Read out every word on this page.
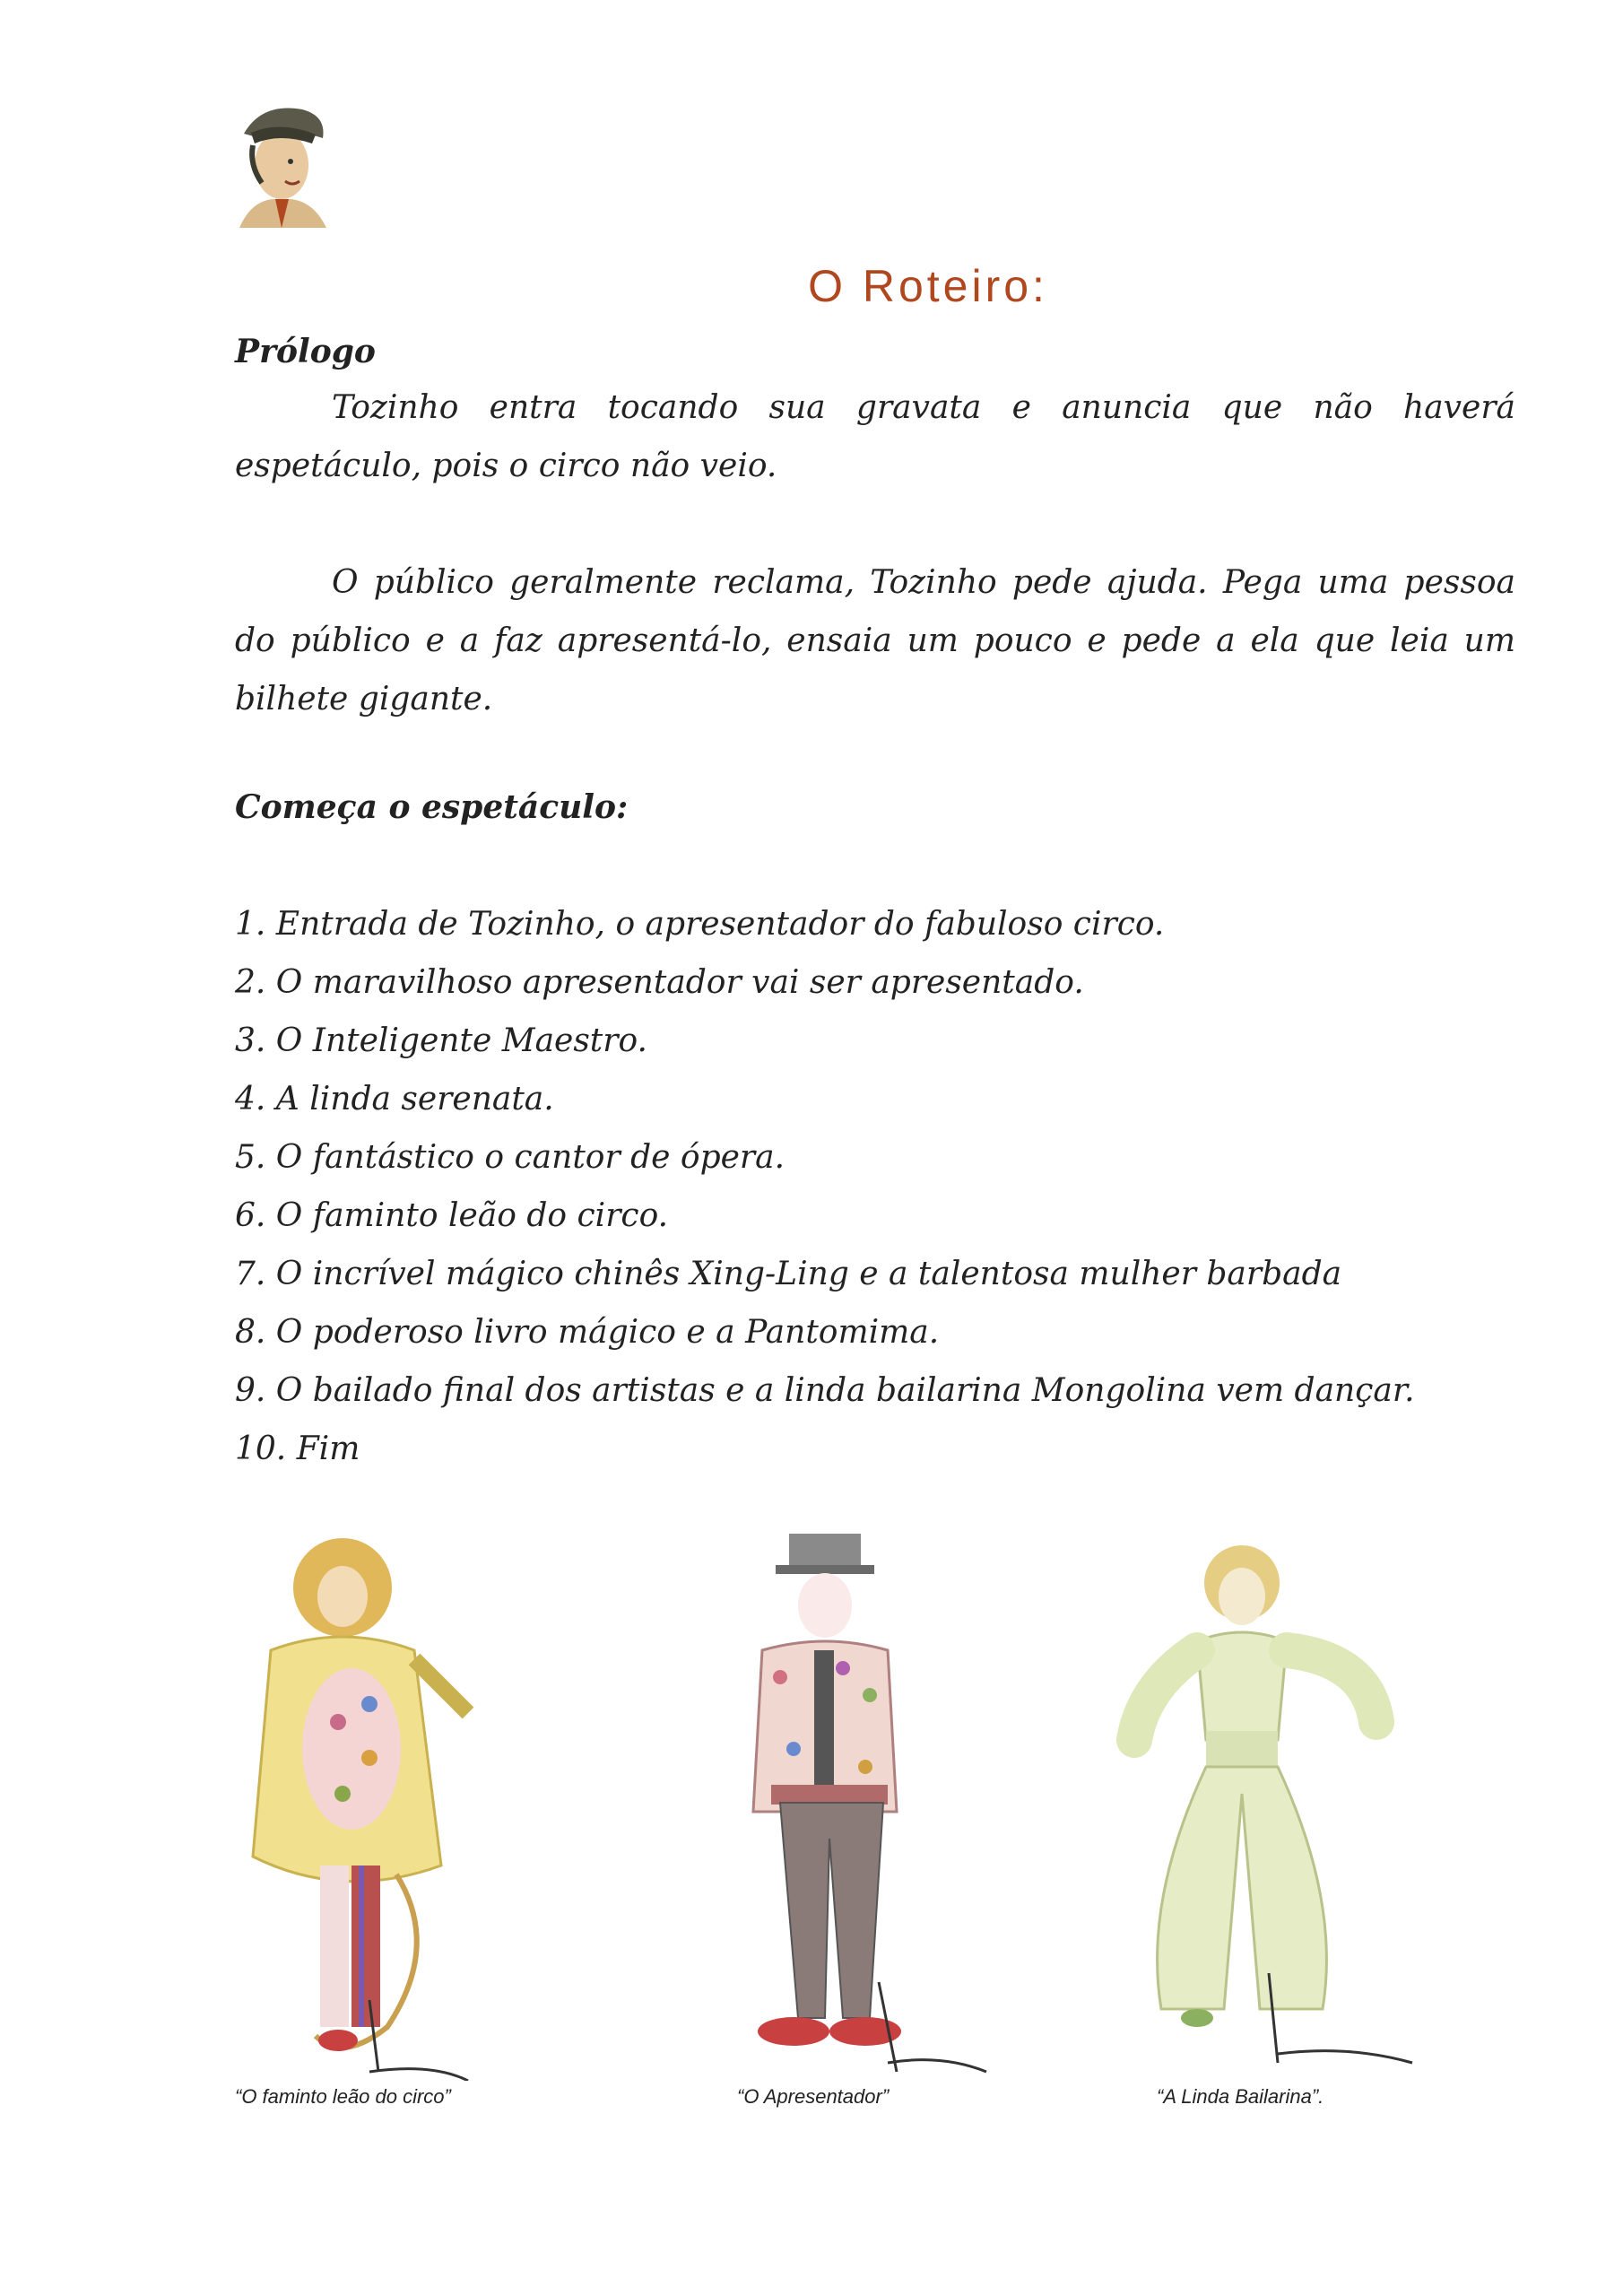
O Roteiro:
Prólogo

Tozinho entra tocando sua gravata e anuncia que não haverá espetáculo, pois o circo não veio.

O público geralmente reclama, Tozinho pede ajuda. Pega uma pessoa do público e a faz apresentá-lo, ensaia um pouco e pede a ela que leia um bilhete gigante.

Começa o espetáculo:
1. Entrada de Tozinho, o apresentador do fabuloso circo.
2. O maravilhoso apresentador vai ser apresentado.
3. O Inteligente Maestro.
4. A linda serenata.
5. O fantástico o cantor de ópera.
6. O faminto leão do circo.
7. O incrível mágico chinês Xing-Ling e a talentosa mulher barbada
8. O poderoso livro mágico e a Pantomima.
9. O bailado final dos artistas e a linda bailarina Mongolina vem dançar.
10. Fim
“O faminto leão do circo”	“O Apresentador”	“A Linda Bailarina”.
